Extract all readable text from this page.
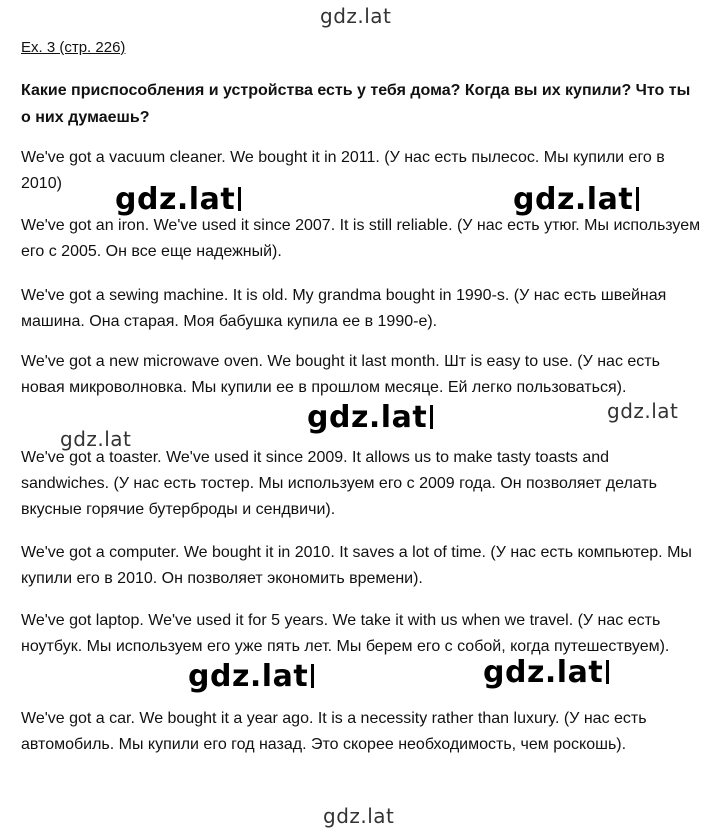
gdz.lat
Ex. 3 (стр. 226)
Какие приспособления и устройства есть у тебя дома? Когда вы их купили? Что ты о них думаешь?
We've got a vacuum cleaner. We bought it in 2011. (У нас есть пылесос. Мы купили его в 2010)
We've got an iron. We've used it since 2007. It is still reliable. (У нас есть утюг. Мы используем его с 2005. Он все еще надежный).
We've got a sewing machine. It is old. My grandma bought in 1990-s. (У нас есть швейная машина. Она старая. Моя бабушка купила ее в 1990-е).
We've got a new microwave oven. We bought it last month. Шт is easy to use. (У нас есть новая микроволновка. Мы купили ее в прошлом месяце. Ей легко пользоваться).
We've got a toaster. We've used it since 2009. It allows us to make tasty toasts and sandwiches. (У нас есть тостер. Мы используем его с 2009 года. Он позволяет делать вкусные горячие бутерброды и сендвичи).
We've got a computer. We bought it in 2010. It saves a lot of time. (У нас есть компьютер. Мы купили его в 2010. Он позволяет экономить времени).
We've got laptop. We've used it for 5 years. We take it with us when we travel. (У нас есть ноутбук. Мы используем его уже пять лет. Мы берем его с собой, когда путешествуем).
We've got a car. We bought it a year ago. It is a necessity rather than luxury. (У нас есть автомобиль. Мы купили его год назад. Это скорее необходимость, чем роскошь).
gdz.lat	gdz.lat
gdz.lat	gdz.lat
gdz.lat
gdz.lat	gdz.lat
gdz.lat
